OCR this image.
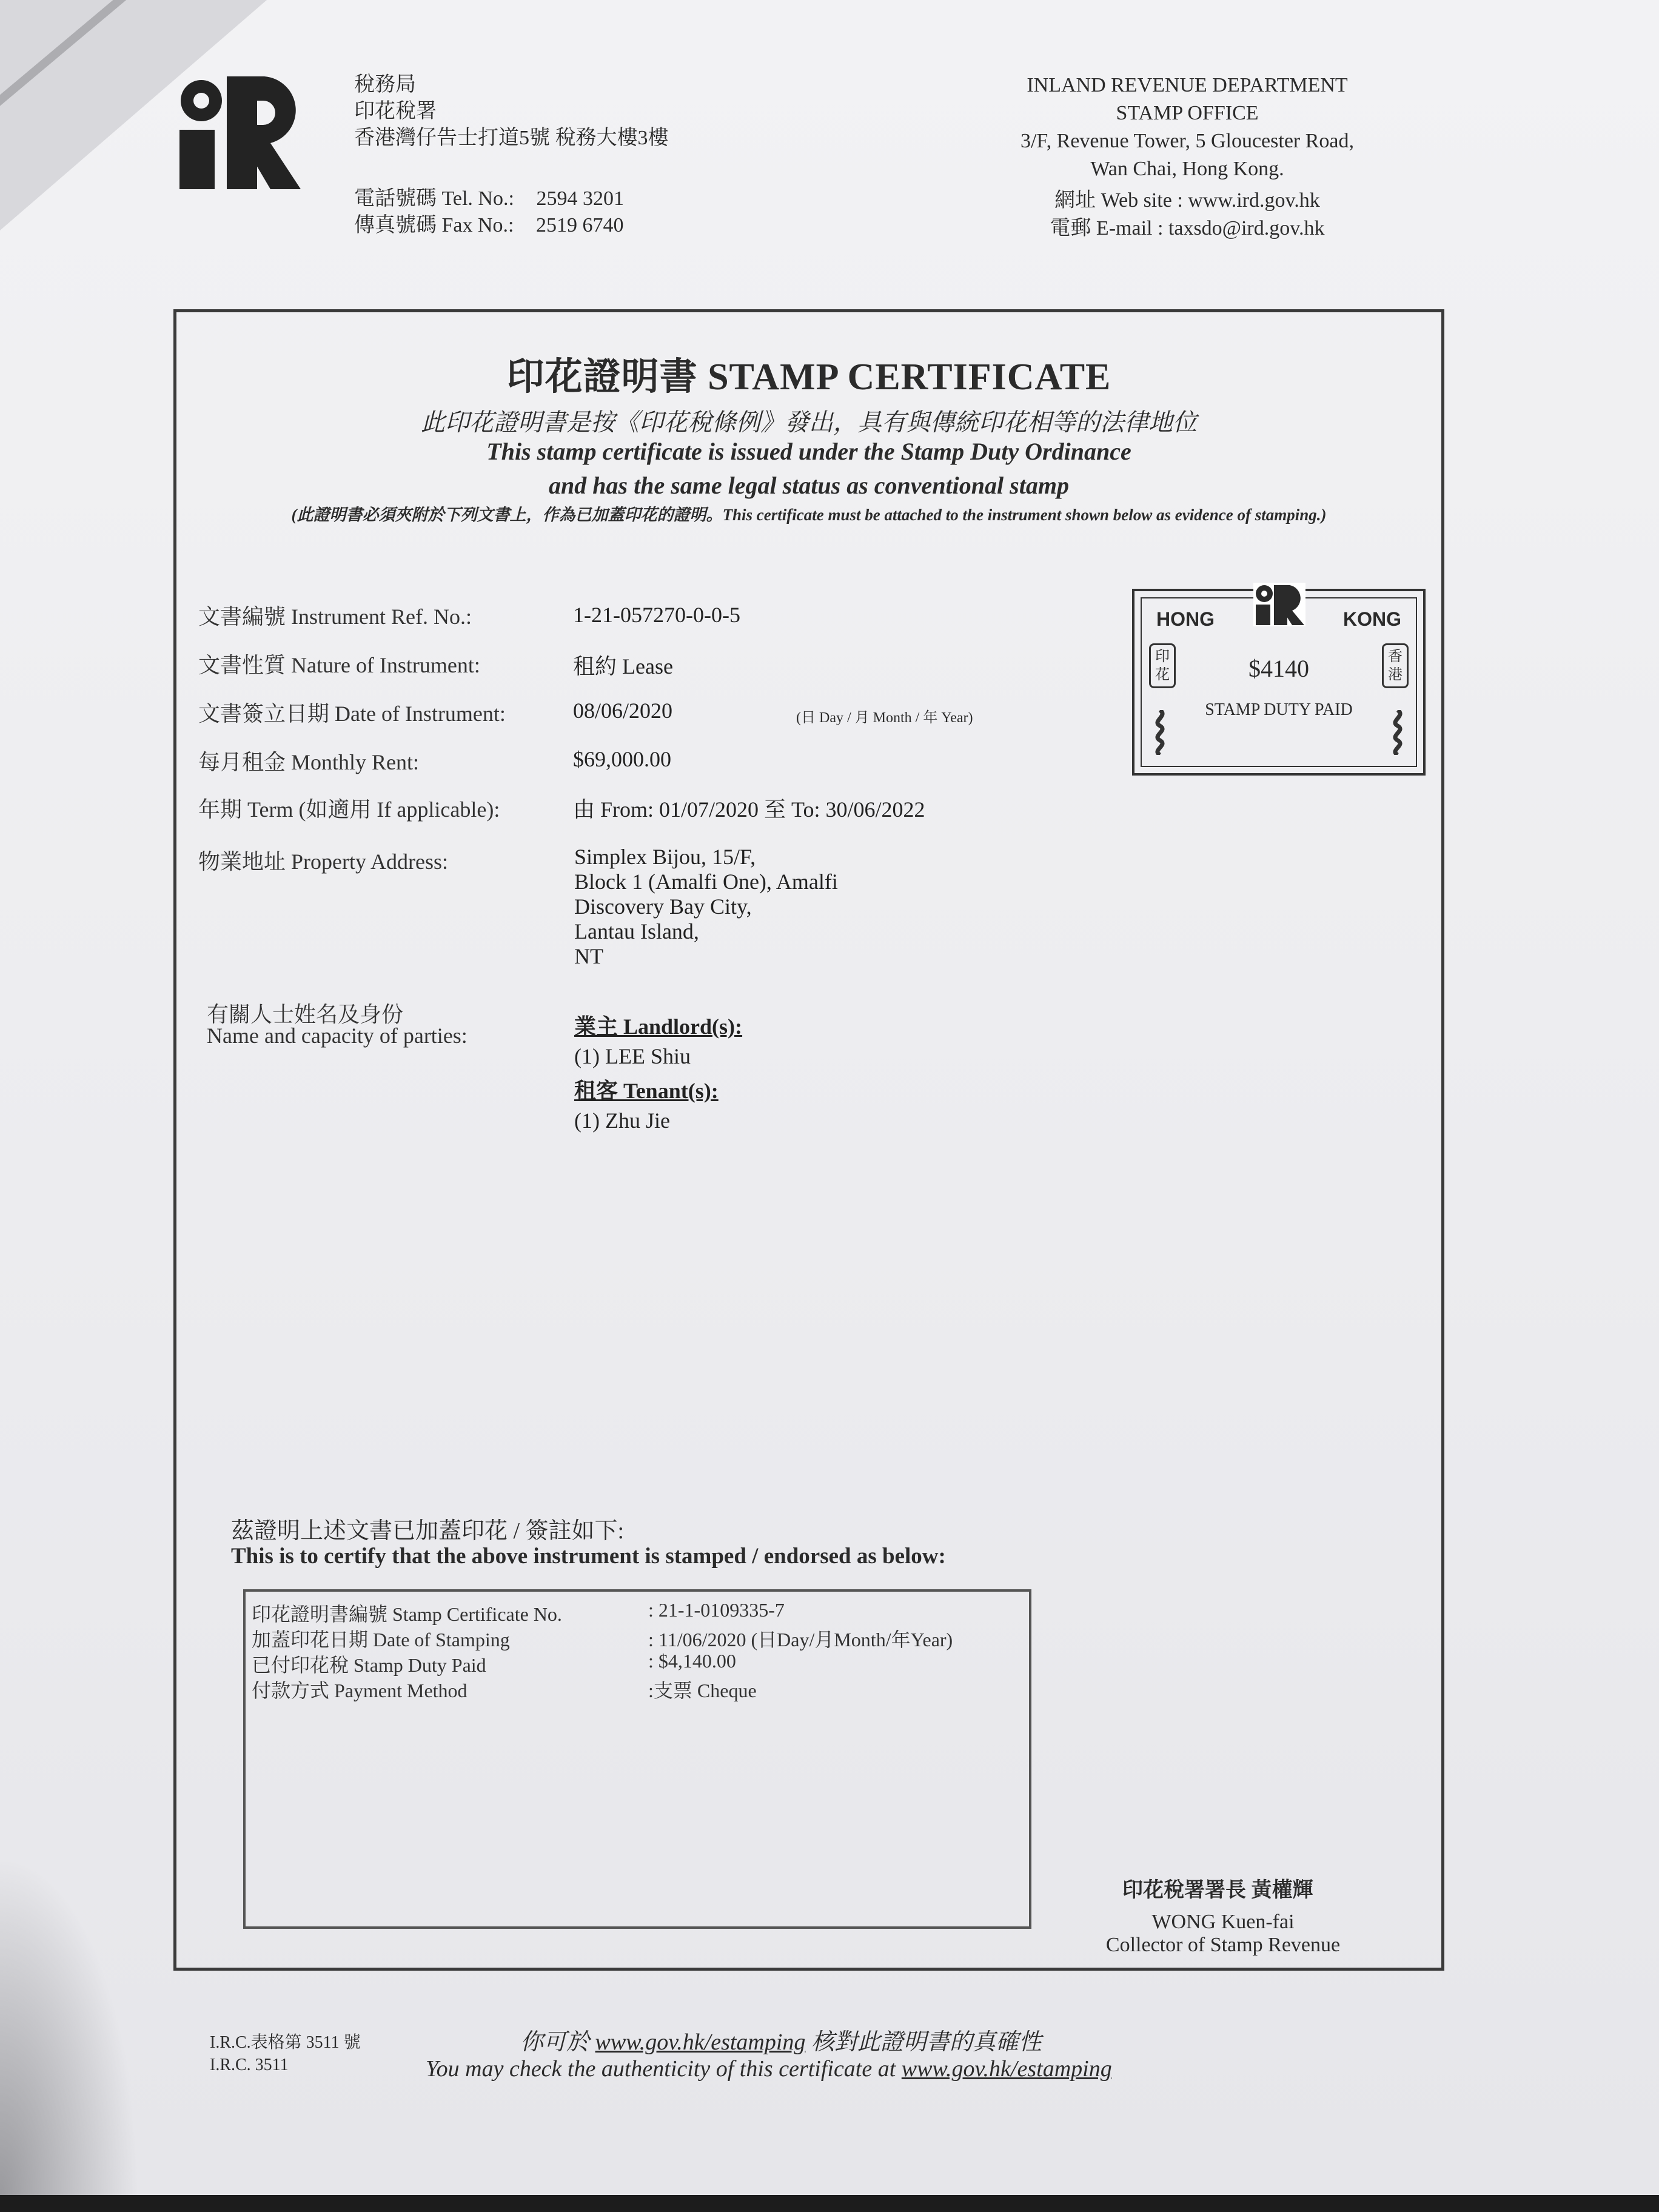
稅務局
印花稅署
香港灣仔告士打道5號 稅務大樓3樓
電話號碼 Tel. No.: 2594 3201
傳真號碼 Fax No.: 2519 6740
INLAND REVENUE DEPARTMENT
STAMP OFFICE
3/F, Revenue Tower, 5 Gloucester Road,
Wan Chai, Hong Kong.
網址 Web site : www.ird.gov.hk
電郵 E-mail : taxsdo@ird.gov.hk
印花證明書 STAMP CERTIFICATE
此印花證明書是按《印花稅條例》發出，具有與傳統印花相等的法律地位
This stamp certificate is issued under the Stamp Duty Ordinance
and has the same legal status as conventional stamp
(此證明書必須夾附於下列文書上，作為已加蓋印花的證明。This certificate must be attached to the instrument shown below as evidence of stamping.)
文書編號 Instrument Ref. No.:	1-21-057270-0-0-5
文書性質 Nature of Instrument:	租約 Lease
文書簽立日期 Date of Instrument:	08/06/2020	(日 Day / 月 Month / 年 Year)
每月租金 Monthly Rent:	$69,000.00
年期 Term (如適用 If applicable):	由 From: 01/07/2020 至 To: 30/06/2022
物業地址 Property Address:	Simplex Bijou, 15/F,
Block 1 (Amalfi One), Amalfi
Discovery Bay City,
Lantau Island,
NT
有關人士姓名及身份
Name and capacity of parties:	業主 Landlord(s):
(1) LEE Shiu
租客 Tenant(s):
(1) Zhu Jie
HONG	KONG
印花
香港
$4140
STAMP DUTY PAID
茲證明上述文書已加蓋印花 / 簽註如下:
This is to certify that the above instrument is stamped / endorsed as below:
印花證明書編號 Stamp Certificate No.	: 21-1-0109335-7
加蓋印花日期 Date of Stamping	: 11/06/2020 (日Day/月Month/年Year)
已付印花稅 Stamp Duty Paid	: $4,140.00
付款方式 Payment Method	:支票 Cheque
印花稅署署長 黃權輝
WONG Kuen-fai
Collector of Stamp Revenue
I.R.C.表格第 3511 號
I.R.C. 3511
你可於 www.gov.hk/estamping 核對此證明書的真確性
You may check the authenticity of this certificate at www.gov.hk/estamping
